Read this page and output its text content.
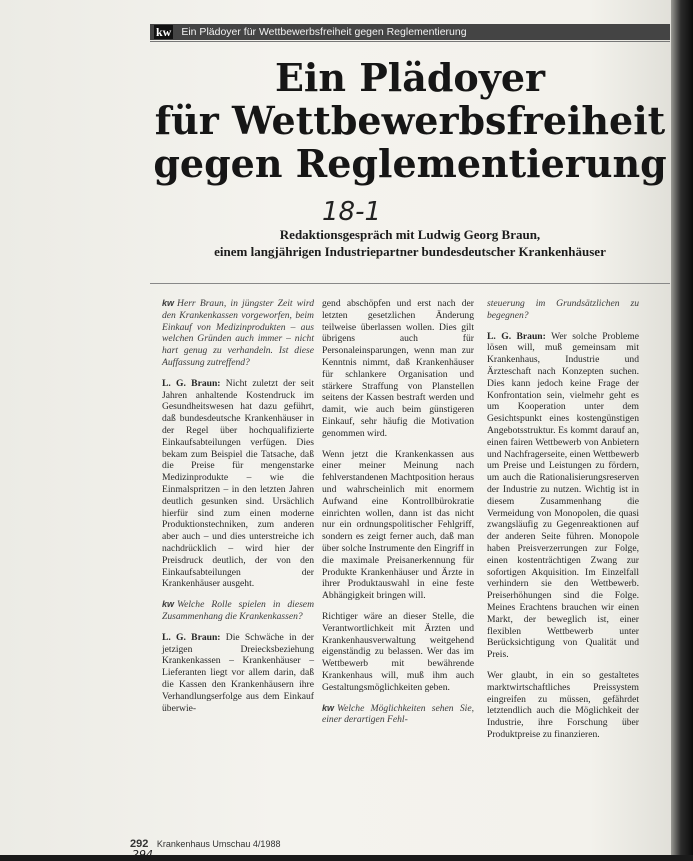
kw Ein Plädoyer für Wettbewerbsfreiheit gegen Reglementierung
Ein Plädoyer
für Wettbewerbsfreiheit
gegen Reglementierung
18-1
Redaktionsgespräch mit Ludwig Georg Braun,
einem langjährigen Industriepartner bundesdeutscher Krankenhäuser

kw Herr Braun, in jüngster Zeit wird den Krankenkassen vorgeworfen, beim Einkauf von Medizinprodukten – aus welchen Gründen auch immer – nicht hart genug zu verhandeln. Ist diese Auffassung zutreffend?

L. G. Braun: Nicht zuletzt der seit Jahren anhaltende Kostendruck im Gesundheitswesen hat dazu geführt, daß bundesdeutsche Krankenhäuser in der Regel über hochqualifizierte Einkaufsabteilungen verfügen. Dies bekam zum Beispiel die Tatsache, daß die Preise für mengenstarke Medizinprodukte – wie die Einmalspritzen – in den letzten Jahren deutlich gesunken sind. Ursächlich hierfür sind zum einen moderne Produktionstechniken, zum anderen aber auch – und dies unterstreiche ich nachdrücklich – wird hier der Preisdruck deutlich, der von den Einkaufsabteilungen der Krankenhäuser ausgeht.

kw Welche Rolle spielen in diesem Zusammenhang die Krankenkassen?

L. G. Braun: Die Schwäche in der jetzigen Dreiecksbeziehung Krankenkassen – Krankenhäuser – Lieferanten liegt vor allem darin, daß die Kassen den Krankenhäusern ihre Verhandlungserfolge aus dem Einkauf überwie-

gend abschöpfen und erst nach der letzten gesetzlichen Änderung teilweise überlassen wollen. Dies gilt übrigens auch für Personaleinsparungen, wenn man zur Kenntnis nimmt, daß Krankenhäuser für schlankere Organisation und stärkere Straffung von Planstellen seitens der Kassen bestraft werden und damit, wie auch beim günstigeren Einkauf, sehr häufig die Motivation genommen wird.

Wenn jetzt die Krankenkassen aus einer meiner Meinung nach fehlverstandenen Machtposition heraus und wahrscheinlich mit enormem Aufwand eine Kontrollbürokratie einrichten wollen, dann ist das nicht nur ein ordnungspolitischer Fehlgriff, sondern es zeigt ferner auch, daß man über solche Instrumente den Eingriff in die maximale Preisanerkennung für Produkte Krankenhäuser und Ärzte in ihrer Produktauswahl in eine feste Abhängigkeit bringen will.

Richtiger wäre an dieser Stelle, die Verantwortlichkeit mit Ärzten und Krankenhausverwaltung weitgehend eigenständig zu belassen. Wer das im Wettbewerb mit bewährende Krankenhaus will, muß ihm auch Gestaltungsmöglichkeiten geben.

kw Welche Möglichkeiten sehen Sie, einer derartigen Fehl-

steuerung im Grundsätzlichen zu begegnen?

L. G. Braun: Wer solche Probleme lösen will, muß gemeinsam mit Krankenhaus, Industrie und Ärzteschaft nach Konzepten suchen. Dies kann jedoch keine Frage der Konfrontation sein, vielmehr geht es um Kooperation unter dem Gesichtspunkt eines kostengünstigen Angebotsstruktur. Es kommt darauf an, einen fairen Wettbewerb von Anbietern und Nachfragerseite, einen Wettbewerb um Preise und Leistungen zu fördern, um auch die Rationalisierungsreserven der Industrie zu nutzen. Wichtig ist in diesem Zusammenhang die Vermeidung von Monopolen, die quasi zwangsläufig zu Gegenreaktionen auf der anderen Seite führen. Monopole haben Preisverzerrungen zur Folge, einen kostenträchtigen Zwang zur sofortigen Akquisition. Im Einzelfall verhindern sie den Wettbewerb. Preiserhöhungen sind die Folge. Meines Erachtens brauchen wir einen Markt, der beweglich ist, einer flexiblen Wettbewerb unter Berücksichtigung von Qualität und Preis.

Wer glaubt, in ein so gestaltetes marktwirtschaftliches Preissystem eingreifen zu müssen, gefährdet letztendlich auch die Möglichkeit der Industrie, ihre Forschung über Produktpreise zu finanzieren.

292 Krankenhaus Umschau 4/1988
